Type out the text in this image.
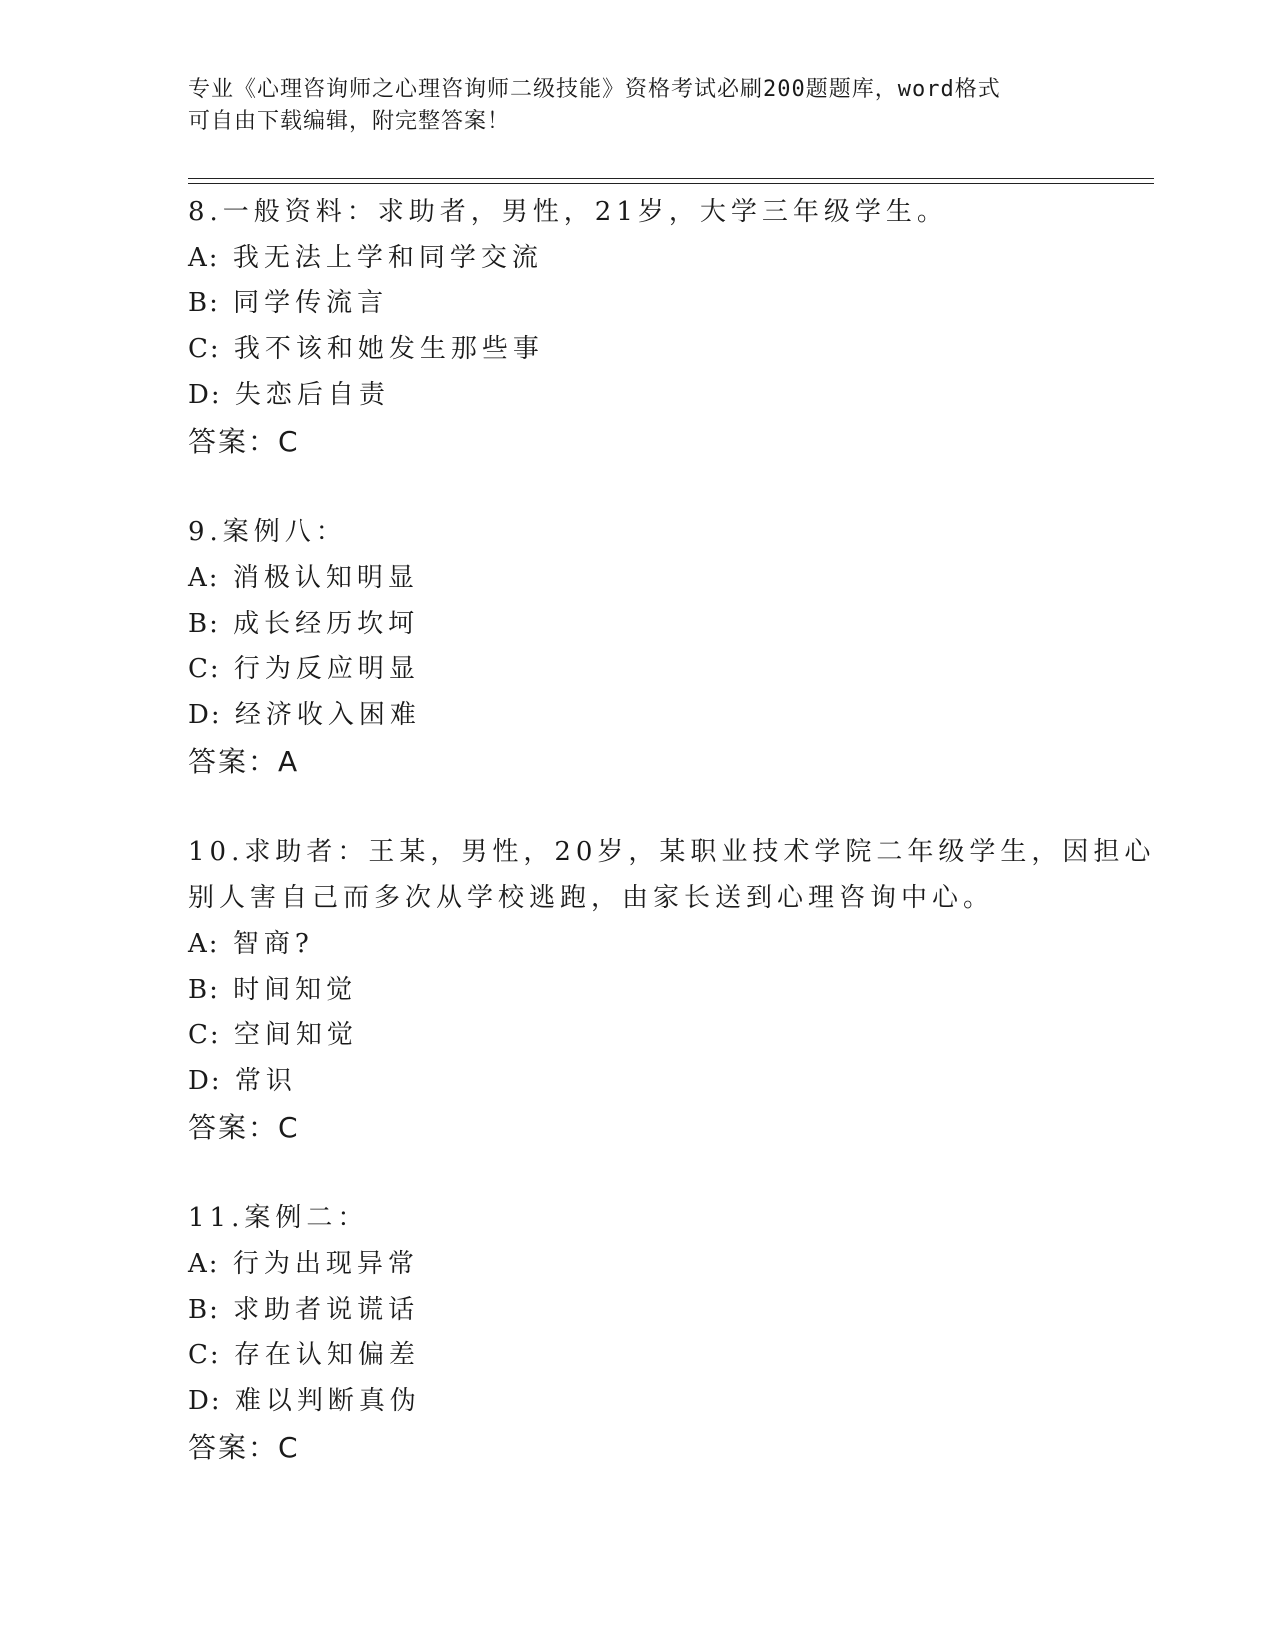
专业《心理咨询师之心理咨询师二级技能》资格考试必刷200题题库，word格式
可自由下载编辑，附完整答案！
8.一般资料：求助者，男性，21岁，大学三年级学生。
A: 我无法上学和同学交流
B: 同学传流言
C: 我不该和她发生那些事
D: 失恋后自责
答案：C
9.案例八：
A: 消极认知明显
B: 成长经历坎坷
C: 行为反应明显
D: 经济收入困难
答案：A
10.求助者：王某，男性，20岁，某职业技术学院二年级学生，因担心
别人害自己而多次从学校逃跑，由家长送到心理咨询中心。
A: 智商?
B: 时间知觉
C: 空间知觉
D: 常识
答案：C
11.案例二：
A: 行为出现异常
B: 求助者说谎话
C: 存在认知偏差
D: 难以判断真伪
答案：C
